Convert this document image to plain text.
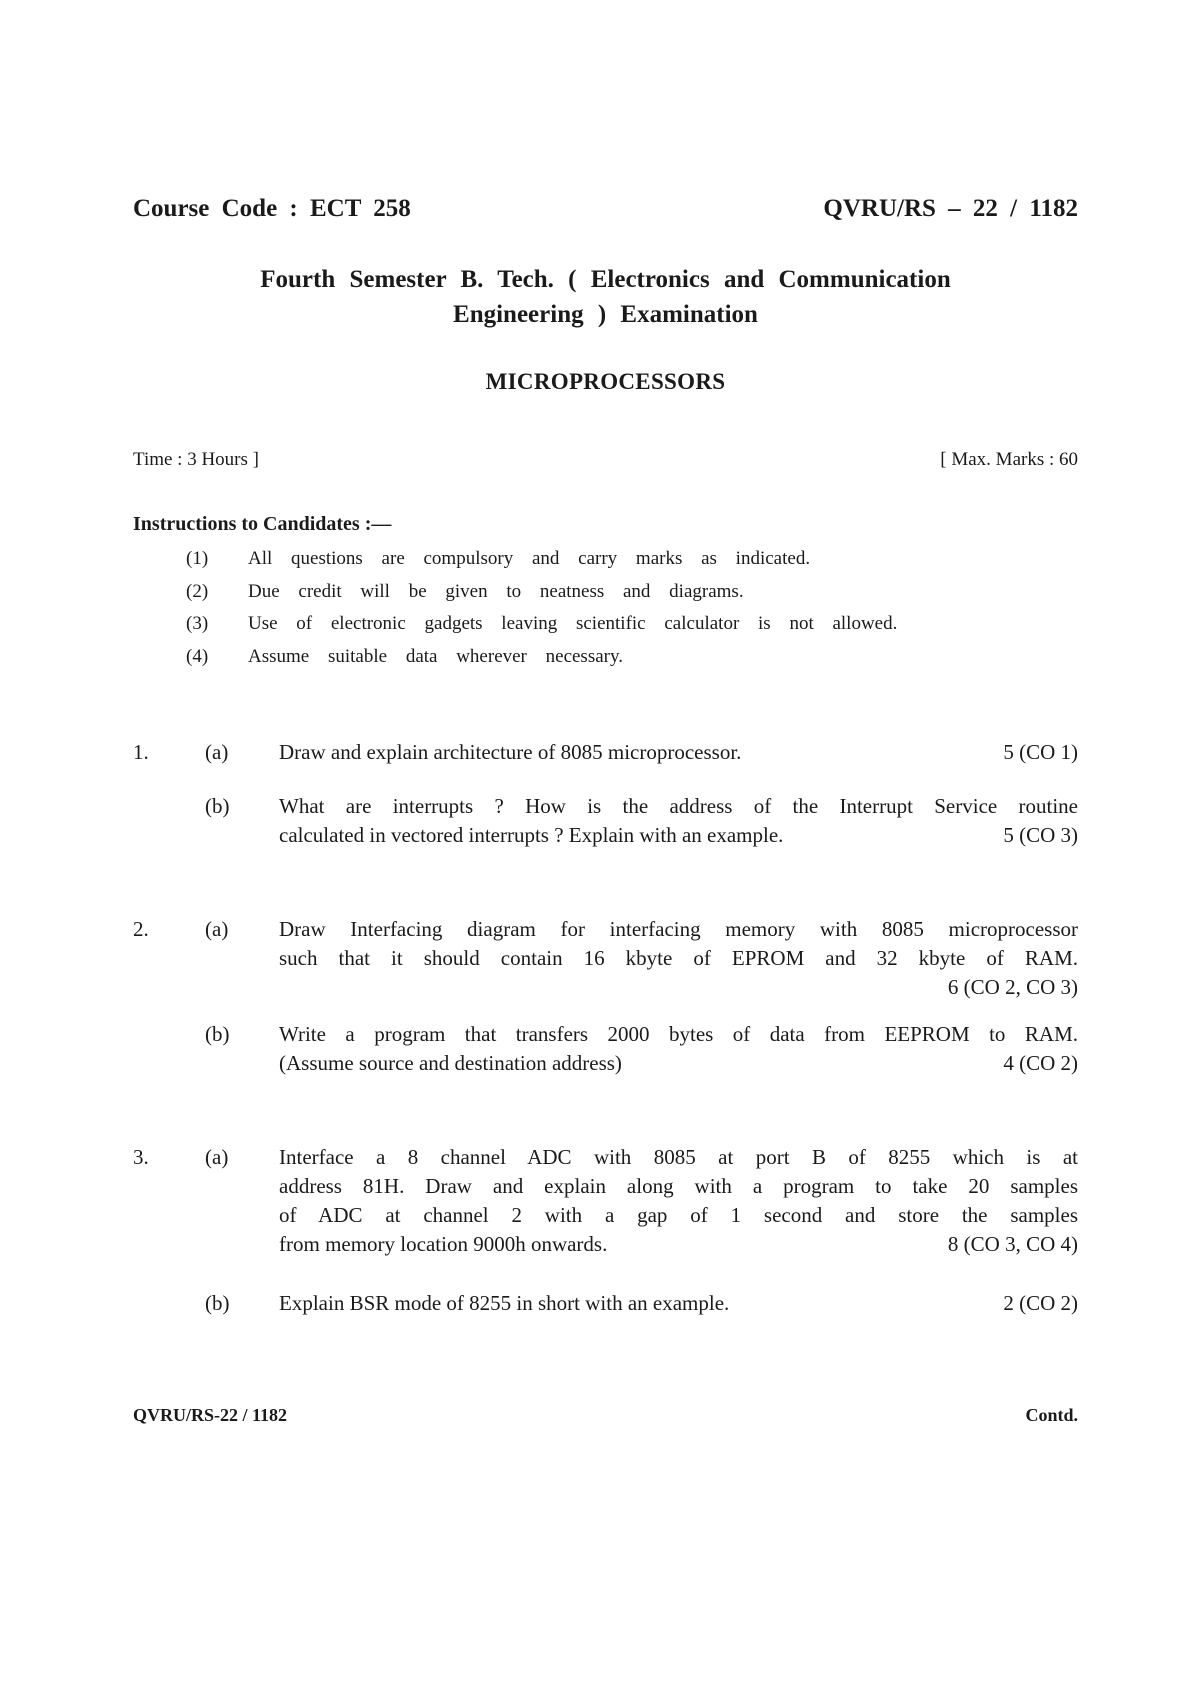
Course Code : ECT 258	QVRU/RS – 22 / 1182
Fourth Semester B. Tech. ( Electronics and Communication
Engineering ) Examination
MICROPROCESSORS
Time : 3 Hours ]	[ Max. Marks : 60
Instructions to Candidates :—
(1)	All questions are compulsory and carry marks as indicated.
(2)	Due credit will be given to neatness and diagrams.
(3)	Use of electronic gadgets leaving scientific calculator is not allowed.
(4)	Assume suitable data wherever necessary.
1.	(a) Draw and explain architecture of 8085 microprocessor.	5 (CO 1)
(b) What are interrupts ? How is the address of the Interrupt Service routine
calculated in vectored interrupts ? Explain with an example.	5 (CO 3)
2.	(a) Draw Interfacing diagram for interfacing memory with 8085 microprocessor
such that it should contain 16 kbyte of EPROM and 32 kbyte of RAM.
6 (CO 2, CO 3)
(b) Write a program that transfers 2000 bytes of data from EEPROM to RAM.
(Assume source and destination address)	4 (CO 2)
3.	(a) Interface a 8 channel ADC with 8085 at port B of 8255 which is at
address 81H. Draw and explain along with a program to take 20 samples
of ADC at channel 2 with a gap of 1 second and store the samples
from memory location 9000h onwards.	8 (CO 3, CO 4)
(b) Explain BSR mode of 8255 in short with an example.	2 (CO 2)
QVRU/RS-22 / 1182	Contd.
